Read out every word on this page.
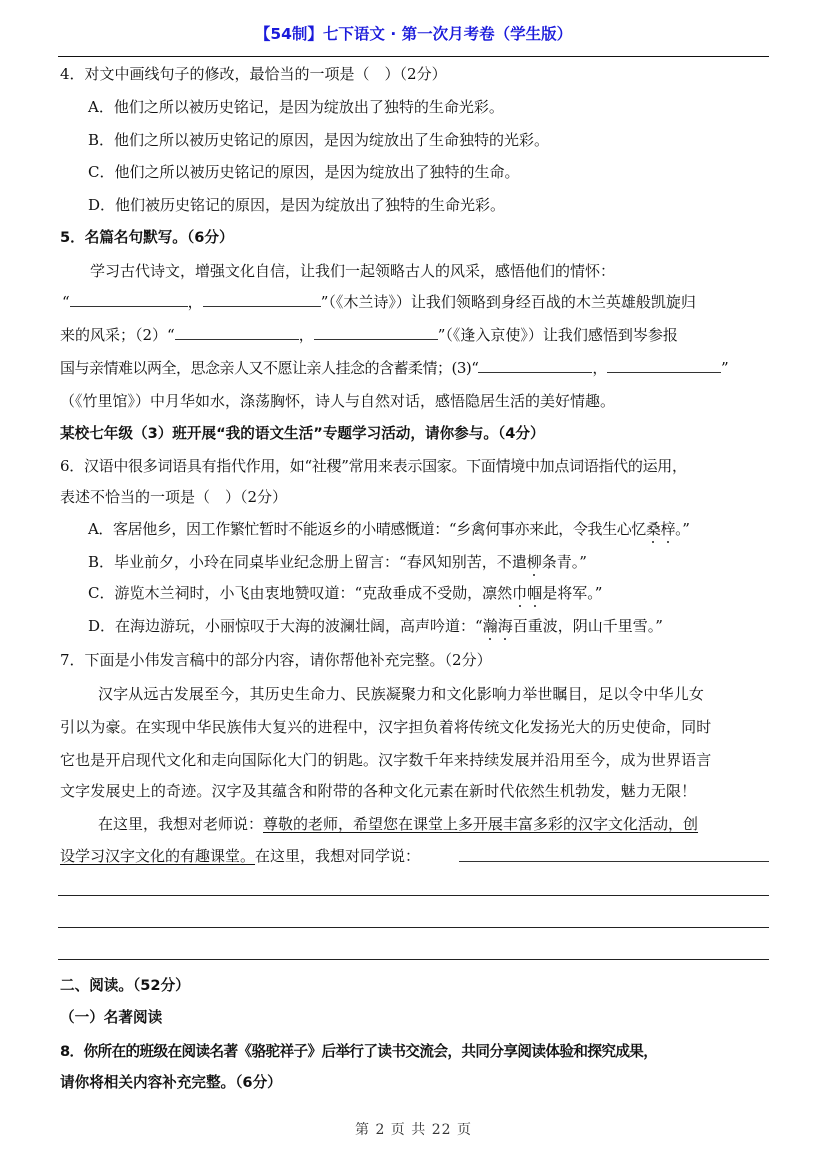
【54制】七下语文 · 第一次月考卷（学生版）
4．对文中画线句子的修改，最恰当的一项是（　）（2分）
A．他们之所以被历史铭记，是因为绽放出了独特的生命光彩。
B．他们之所以被历史铭记的原因，是因为绽放出了生命独特的光彩。
C．他们之所以被历史铭记的原因，是因为绽放出了独特的生命。
D．他们被历史铭记的原因，是因为绽放出了独特的生命光彩。
5．名篇名句默写。（6分）
学习古代诗文，增强文化自信，让我们一起领略古人的风采，感悟他们的情怀：
“	，	”（《木兰诗》）让我们领略到身经百战的木兰英雄般凯旋归
来的风采；（2）“	，	”（《逢入京使》）让我们感悟到岑参报
国与亲情难以两全，思念亲人又不愿让亲人挂念的含蓄柔情；(3)“	，	”
（《竹里馆》）中月华如水，涤荡胸怀，诗人与自然对话，感悟隐居生活的美好情趣。
某校七年级（3）班开展“我的语文生活”专题学习活动，请你参与。（4分）
6．汉语中很多词语具有指代作用，如“社稷”常用来表示国家。下面情境中加点词语指代的运用，
表述不恰当的一项是（　）（2分）
A．客居他乡，因工作繁忙暂时不能返乡的小晴感慨道：“乡禽何事亦来此，令我生心忆桑梓。”
B．毕业前夕，小玲在同桌毕业纪念册上留言：“春风知别苦，不遣柳条青。”
C．游览木兰祠时，小飞由衷地赞叹道：“克敌垂成不受勋，凛然巾帼是将军。”
D．在海边游玩，小丽惊叹于大海的波澜壮阔，高声吟道：“瀚海百重波，阴山千里雪。”
7．下面是小伟发言稿中的部分内容，请你帮他补充完整。（2分）
汉字从远古发展至今，其历史生命力、民族凝聚力和文化影响力举世瞩目，足以令中华儿女
引以为豪。在实现中华民族伟大复兴的进程中，汉字担负着将传统文化发扬光大的历史使命，同时
它也是开启现代文化和走向国际化大门的钥匙。汉字数千年来持续发展并沿用至今，成为世界语言
文字发展史上的奇迹。汉字及其蕴含和附带的各种文化元素在新时代依然生机勃发，魅力无限！
在这里，我想对老师说：尊敬的老师，希望您在课堂上多开展丰富多彩的汉字文化活动，创
设学习汉字文化的有趣课堂。在这里，我想对同学说：
二、阅读。（52分）
（一）名著阅读
8．你所在的班级在阅读名著《骆驼祥子》后举行了读书交流会，共同分享阅读体验和探究成果，
请你将相关内容补充完整。（6分）
第 2 页 共 22 页
